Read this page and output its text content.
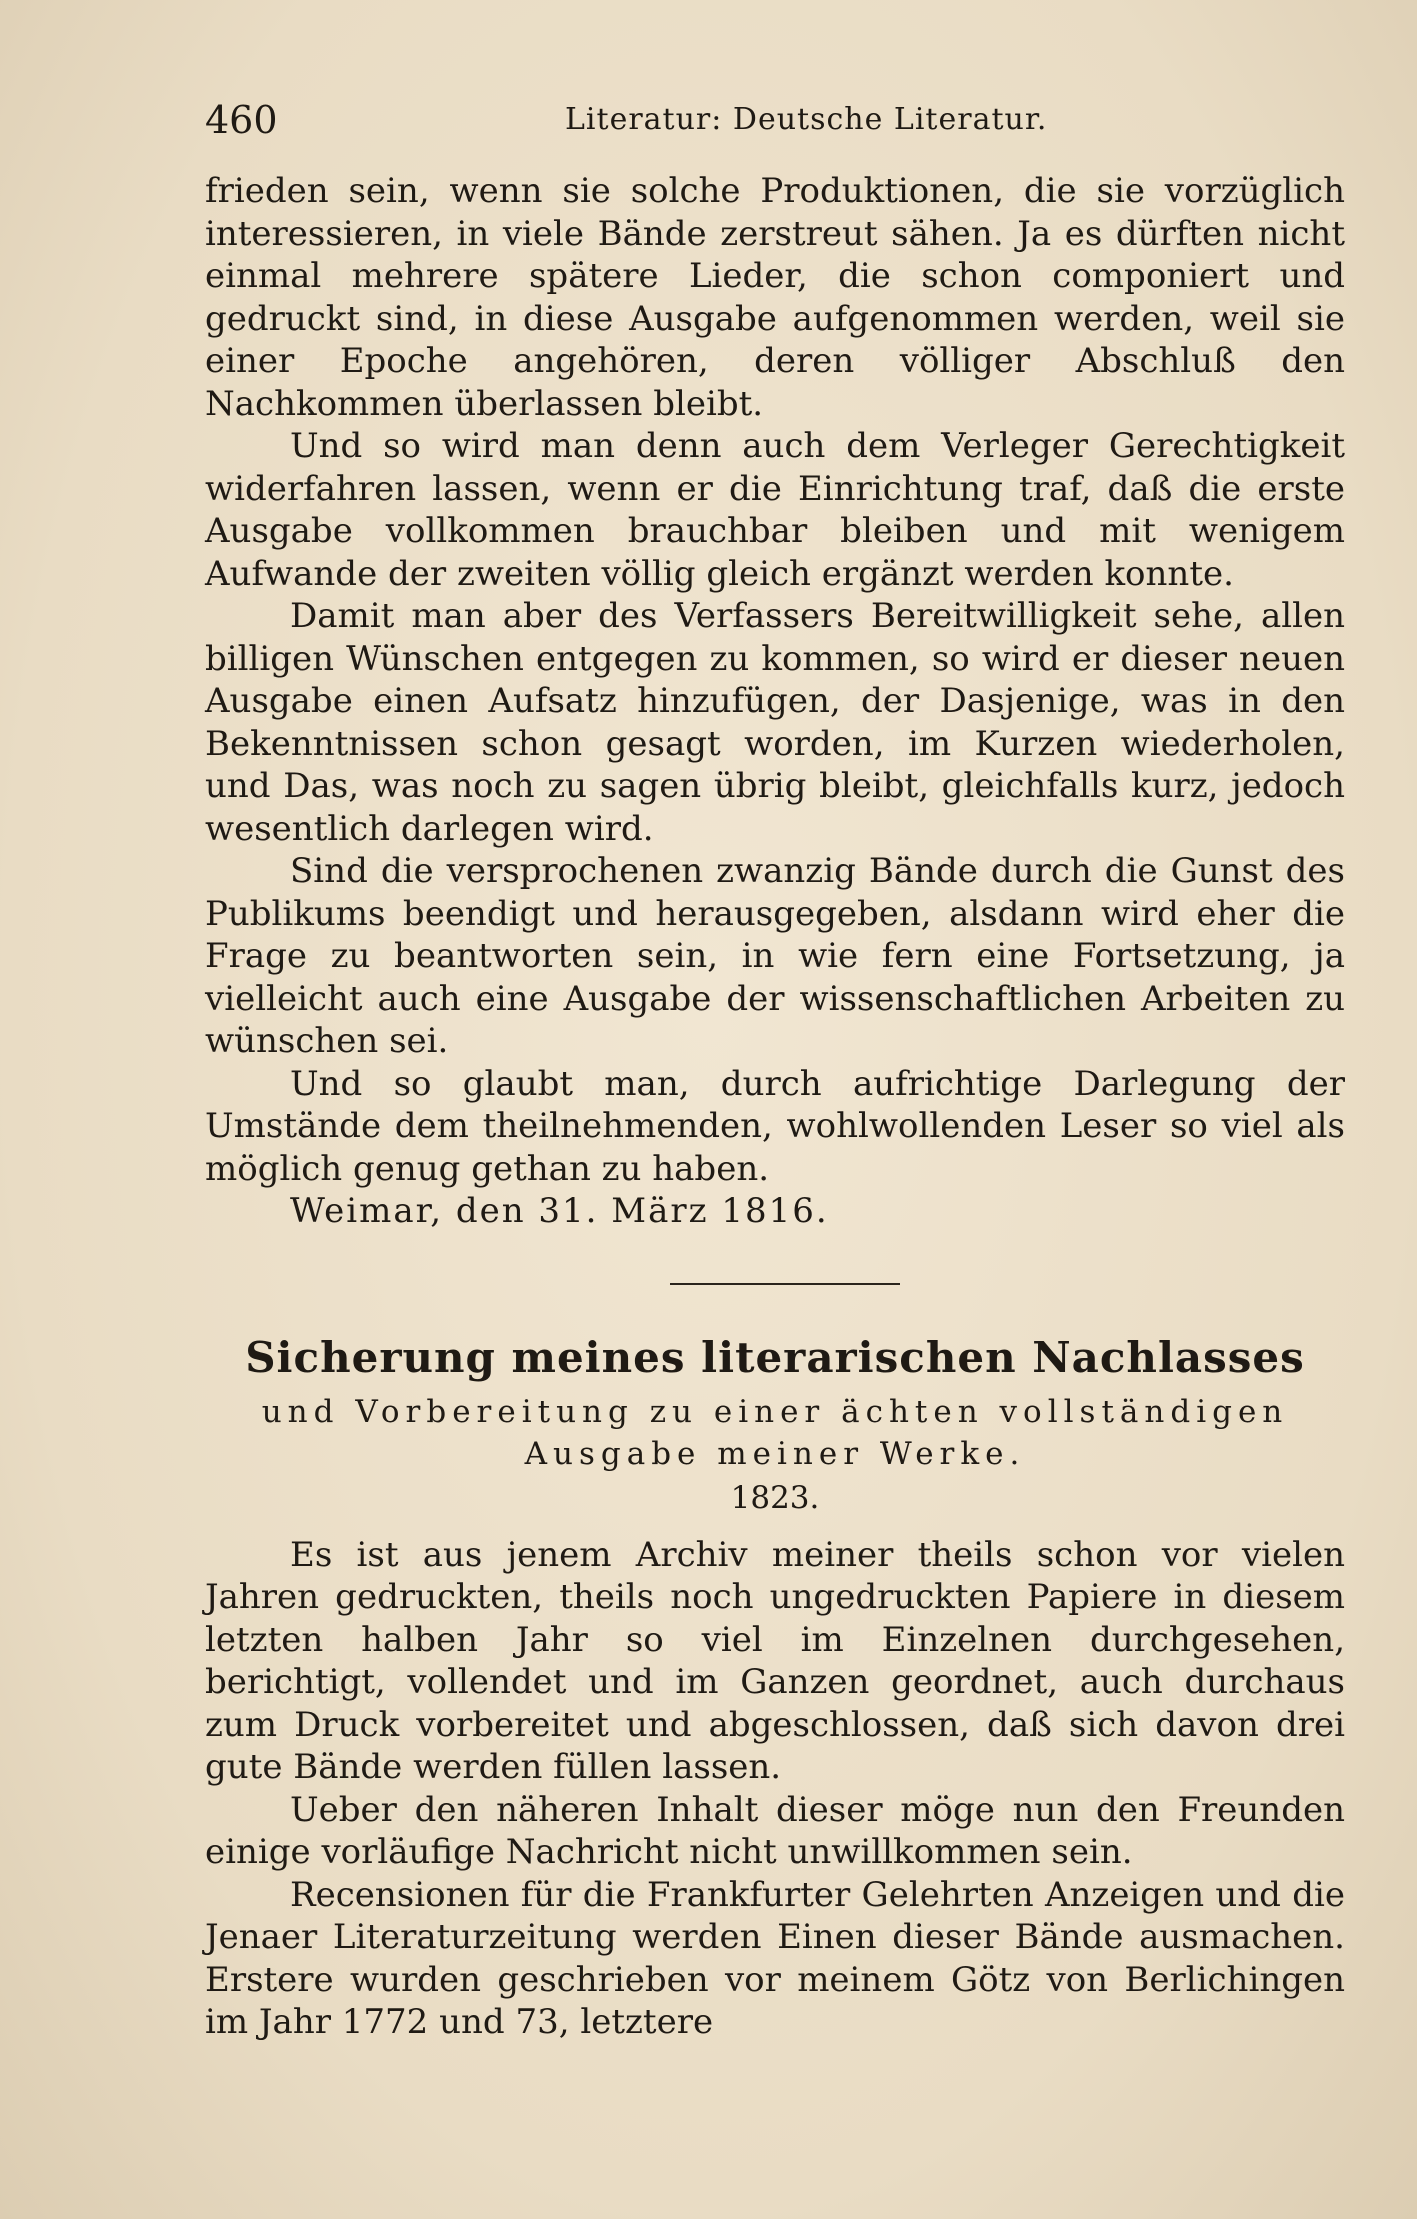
460	Literatur: Deutsche Literatur.

frieden sein, wenn sie solche Produktionen, die sie vorzüglich interessieren, in viele Bände zerstreut sähen. Ja es dürften nicht einmal mehrere spätere Lieder, die schon componiert und gedruckt sind, in diese Ausgabe aufgenommen werden, weil sie einer Epoche angehören, deren völliger Abschluß den Nachkommen überlassen bleibt.

Und so wird man denn auch dem Verleger Gerechtigkeit widerfahren lassen, wenn er die Einrichtung traf, daß die erste Ausgabe vollkommen brauchbar bleiben und mit wenigem Aufwande der zweiten völlig gleich ergänzt werden konnte.

Damit man aber des Verfassers Bereitwilligkeit sehe, allen billigen Wünschen entgegen zu kommen, so wird er dieser neuen Ausgabe einen Aufsatz hinzufügen, der Dasjenige, was in den Bekenntnissen schon gesagt worden, im Kurzen wiederholen, und Das, was noch zu sagen übrig bleibt, gleichfalls kurz, jedoch wesentlich darlegen wird.

Sind die versprochenen zwanzig Bände durch die Gunst des Publikums beendigt und herausgegeben, alsdann wird eher die Frage zu beantworten sein, in wie fern eine Fortsetzung, ja vielleicht auch eine Ausgabe der wissenschaftlichen Arbeiten zu wünschen sei.

Und so glaubt man, durch aufrichtige Darlegung der Umstände dem theilnehmenden, wohlwollenden Leser so viel als möglich genug gethan zu haben.

Weimar, den 31. März 1816.

Sicherung meines literarischen Nachlasses

und Vorbereitung zu einer ächten vollständigen Ausgabe meiner Werke.

1823.

Es ist aus jenem Archiv meiner theils schon vor vielen Jahren gedruckten, theils noch ungedruckten Papiere in diesem letzten halben Jahr so viel im Einzelnen durchgesehen, berichtigt, vollendet und im Ganzen geordnet, auch durchaus zum Druck vorbereitet und abgeschlossen, daß sich davon drei gute Bände werden füllen lassen.

Ueber den näheren Inhalt dieser möge nun den Freunden einige vorläufige Nachricht nicht unwillkommen sein.

Recensionen für die Frankfurter Gelehrten Anzeigen und die Jenaer Literaturzeitung werden Einen dieser Bände ausmachen. Erstere wurden geschrieben vor meinem Götz von Berlichingen im Jahr 1772 und 73, letztere
